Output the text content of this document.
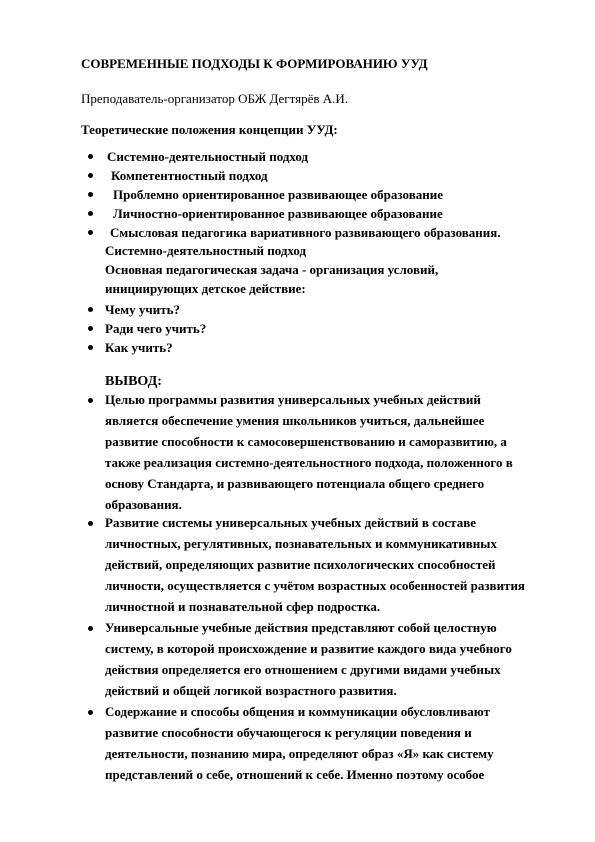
СОВРЕМЕННЫЕ ПОДХОДЫ К ФОРМИРОВАНИЮ УУД
Преподаватель-организатор ОБЖ Дегтярёв А.И.
Теоретические положения концепции УУД:
Системно-деятельностный подход
Компетентностный подход
Проблемно ориентированное развивающее образование
Личностно-ориентированное развивающее образование
Смысловая педагогика вариативного развивающего образования.
Системно-деятельностный подход
Основная педагогическая задача - организация условий,
инициирующих детское действие:
Чему учить?
Ради чего учить?
Как учить?
ВЫВОД:
Целью программы развития универсальных учебных действий
является обеспечение умения школьников учиться, дальнейшее
развитие способности к самосовершенствованию и саморазвитию, а
также реализация системно-деятельностного подхода, положенного в
основу Стандарта, и развивающего потенциала общего среднего
образования.
Развитие системы универсальных учебных действий в составе
личностных, регулятивных, познавательных и коммуникативных
действий, определяющих развитие психологических способностей
личности, осуществляется с учётом возрастных особенностей развития
личностной и познавательной сфер подростка.
Универсальные учебные действия представляют собой целостную
систему, в которой происхождение и развитие каждого вида учебного
действия определяется его отношением с другими видами учебных
действий и общей логикой возрастного развития.
Содержание и способы общения и коммуникации обусловливают
развитие способности обучающегося к регуляции поведения и
деятельности, познанию мира, определяют образ «Я» как систему
представлений о себе, отношений к себе. Именно поэтому особое
